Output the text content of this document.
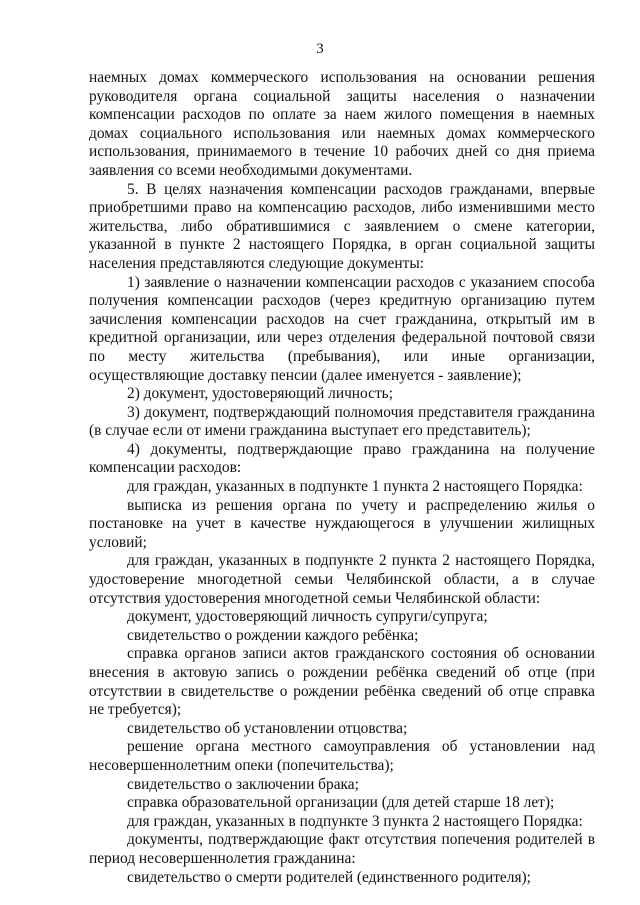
3

наемных домах коммерческого использования на основании решения руководителя органа социальной защиты населения о назначении компенсации расходов по оплате за наем жилого помещения в наемных домах социального использования или наемных домах коммерческого использования, принимаемого в течение 10 рабочих дней со дня приема заявления со всеми необходимыми документами.

5. В целях назначения компенсации расходов гражданами, впервые приобретшими право на компенсацию расходов, либо изменившими место жительства, либо обратившимися с заявлением о смене категории, указанной в пункте 2 настоящего Порядка, в орган социальной защиты населения представляются следующие документы:

1) заявление о назначении компенсации расходов с указанием способа получения компенсации расходов (через кредитную организацию путем зачисления компенсации расходов на счет гражданина, открытый им в кредитной организации, или через отделения федеральной почтовой связи по месту жительства (пребывания), или иные организации, осуществляющие доставку пенсии (далее именуется - заявление);

2) документ, удостоверяющий личность;

3) документ, подтверждающий полномочия представителя гражданина (в случае если от имени гражданина выступает его представитель);

4) документы, подтверждающие право гражданина на получение компенсации расходов:

для граждан, указанных в подпункте 1 пункта 2 настоящего Порядка:

выписка из решения органа по учету и распределению жилья о постановке на учет в качестве нуждающегося в улучшении жилищных условий;

для граждан, указанных в подпункте 2 пункта 2 настоящего Порядка, удостоверение многодетной семьи Челябинской области, а в случае отсутствия удостоверения многодетной семьи Челябинской области:

документ, удостоверяющий личность супруги/супруга;

свидетельство о рождении каждого ребёнка;

справка органов записи актов гражданского состояния об основании внесения в актовую запись о рождении ребёнка сведений об отце (при отсутствии в свидетельстве о рождении ребёнка сведений об отце справка не требуется);

свидетельство об установлении отцовства;

решение органа местного самоуправления об установлении над несовершеннолетним опеки (попечительства);

свидетельство о заключении брака;

справка образовательной организации (для детей старше 18 лет);

для граждан, указанных в подпункте 3 пункта 2 настоящего Порядка:

документы, подтверждающие факт отсутствия попечения родителей в период несовершеннолетия гражданина:

свидетельство о смерти родителей (единственного родителя);
